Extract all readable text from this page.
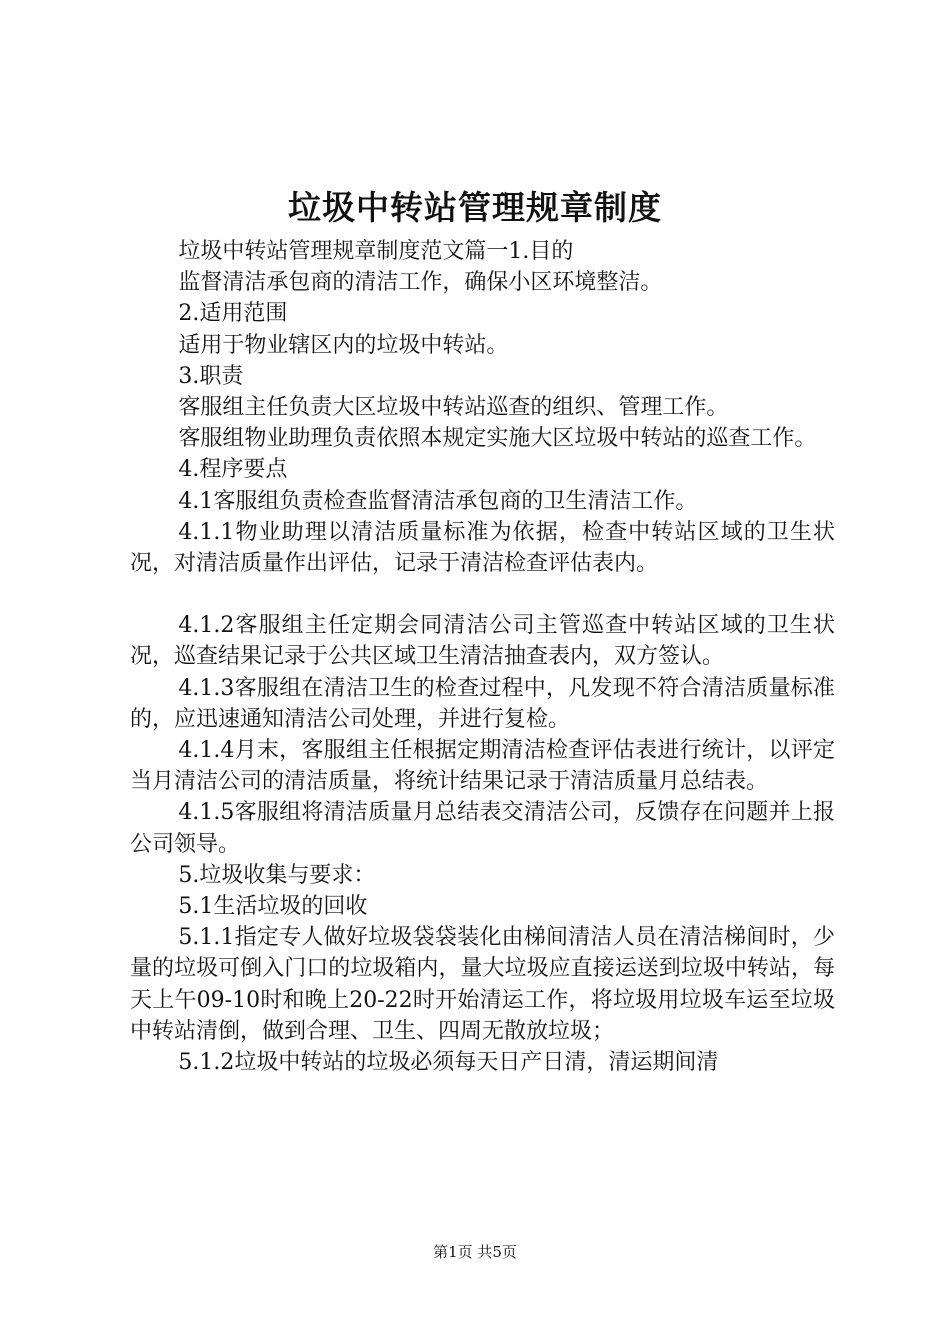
垃圾中转站管理规章制度

垃圾中转站管理规章制度范文篇一1.目的

监督清洁承包商的清洁工作，确保小区环境整洁。

2.适用范围

适用于物业辖区内的垃圾中转站。

3.职责

客服组主任负责大区垃圾中转站巡查的组织、管理工作。

客服组物业助理负责依照本规定实施大区垃圾中转站的巡查工作。

4.程序要点

4.1客服组负责检查监督清洁承包商的卫生清洁工作。

4.1.1物业助理以清洁质量标准为依据，检查中转站区域的卫生状况，对清洁质量作出评估，记录于清洁检查评估表内。

4.1.2客服组主任定期会同清洁公司主管巡查中转站区域的卫生状况，巡查结果记录于公共区域卫生清洁抽查表内，双方签认。

4.1.3客服组在清洁卫生的检查过程中，凡发现不符合清洁质量标准的，应迅速通知清洁公司处理，并进行复检。

4.1.4月末，客服组主任根据定期清洁检查评估表进行统计，以评定当月清洁公司的清洁质量，将统计结果记录于清洁质量月总结表。

4.1.5客服组将清洁质量月总结表交清洁公司，反馈存在问题并上报公司领导。

5.垃圾收集与要求：

5.1生活垃圾的回收

5.1.1指定专人做好垃圾袋袋装化由梯间清洁人员在清洁梯间时，少量的垃圾可倒入门口的垃圾箱内，量大垃圾应直接运送到垃圾中转站，每天上午09-10时和晚上20-22时开始清运工作，将垃圾用垃圾车运至垃圾中转站清倒，做到合理、卫生、四周无散放垃圾；

5.1.2垃圾中转站的垃圾必须每天日产日清，清运期间清

第1页 共5页
